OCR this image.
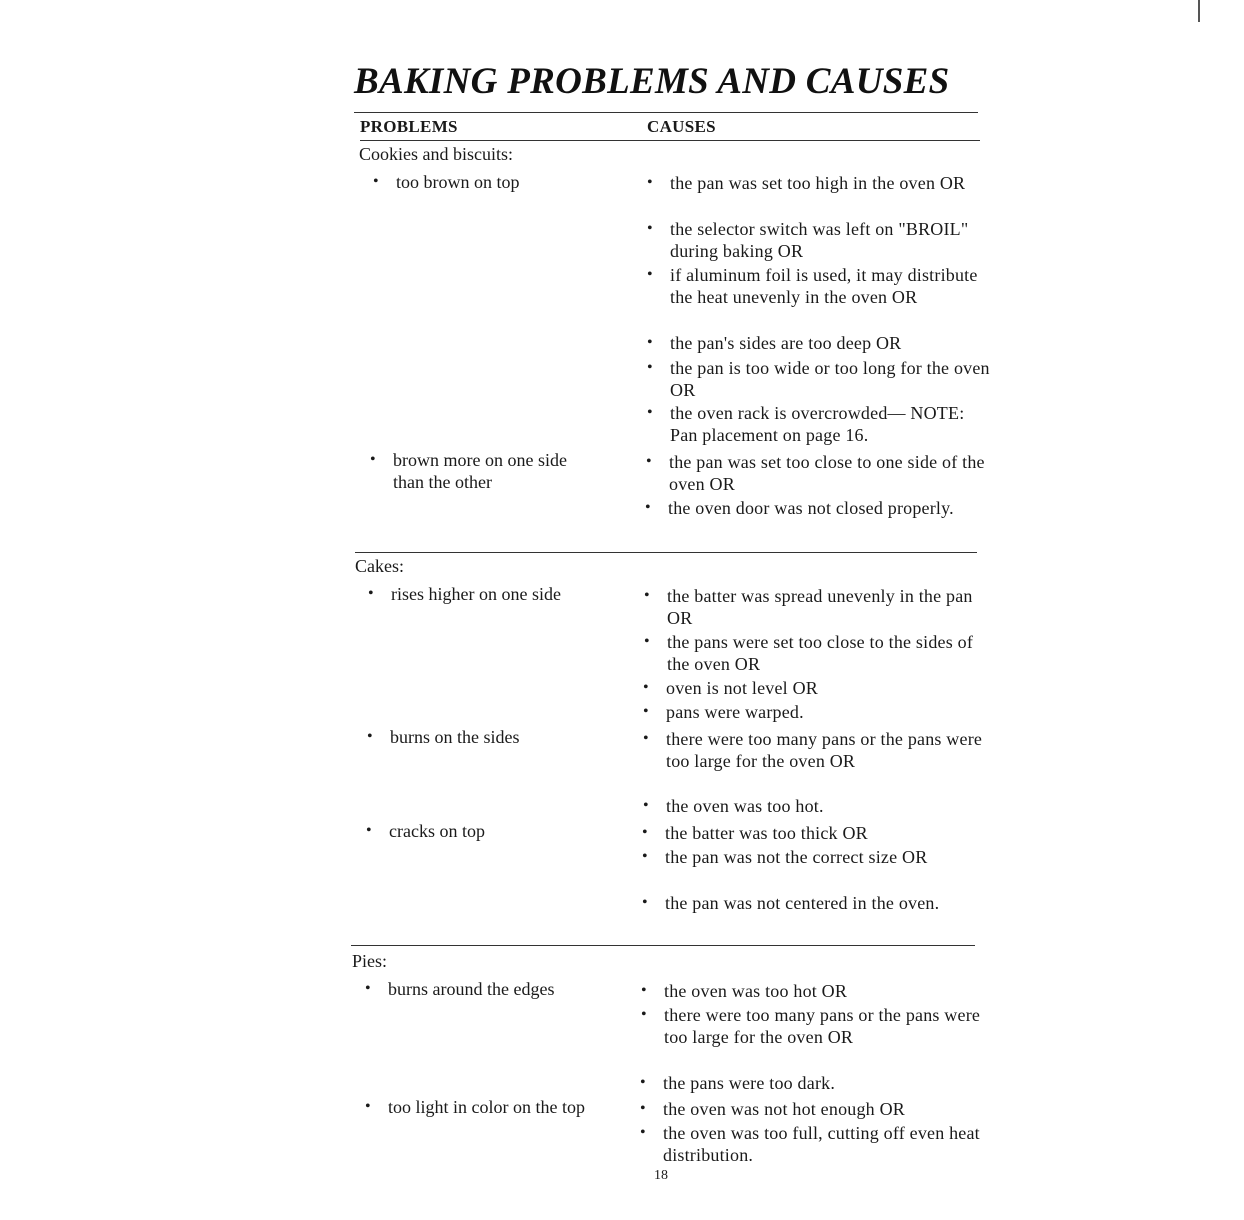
BAKING PROBLEMS AND CAUSES
PROBLEMS	CAUSES
Cookies and biscuits:
• too brown on top
• brown more on one side than the other
• the pan was set too high in the oven OR
• the selector switch was left on "BROIL" during baking OR
• if aluminum foil is used, it may distribute the heat unevenly in the oven OR
• the pan's sides are too deep OR
• the pan is too wide or too long for the oven OR
• the oven rack is overcrowded— NOTE: Pan placement on page 16.
• the pan was set too close to one side of the oven OR
• the oven door was not closed properly.
Cakes:
• rises higher on one side
• burns on the sides
• cracks on top
• the batter was spread unevenly in the pan OR
• the pans were set too close to the sides of the oven OR
• oven is not level OR
• pans were warped.
• there were too many pans or the pans were too large for the oven OR
• the oven was too hot.
• the batter was too thick OR
• the pan was not the correct size OR
• the pan was not centered in the oven.
Pies:
• burns around the edges
• too light in color on the top
• the oven was too hot OR
• there were too many pans or the pans were too large for the oven OR
• the pans were too dark.
• the oven was not hot enough OR
• the oven was too full, cutting off even heat distribution.
18
